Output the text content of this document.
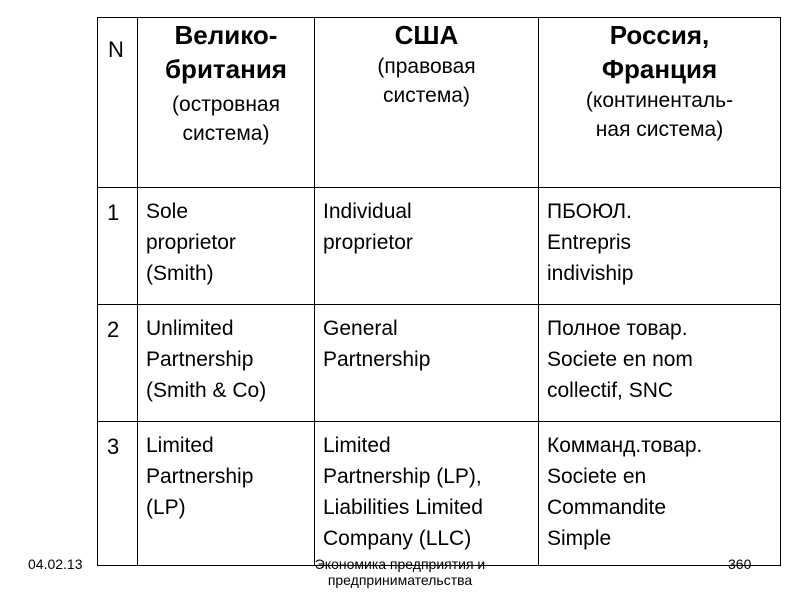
N	Велико-
британия
(островная
система)	США
(правовая
система)	Россия,
Франция
(континенталь-
ная система)

1	Sole
proprietor
(Smith)	Individual
proprietor	ПБОЮЛ.
Entrepris
indiviship

2	Unlimited
Partnership
(Smith & Co)	General
Partnership	Полное товар.
Societe en nom
collectif, SNC

3	Limited
Partnership
(LP)	Limited
Partnership (LP),
Liabilities Limited
Company (LLC)	Комманд.товар.
Societe en
Commandite
Simple
04.02.13	Экономика предприятия и
предпринимательства
360
